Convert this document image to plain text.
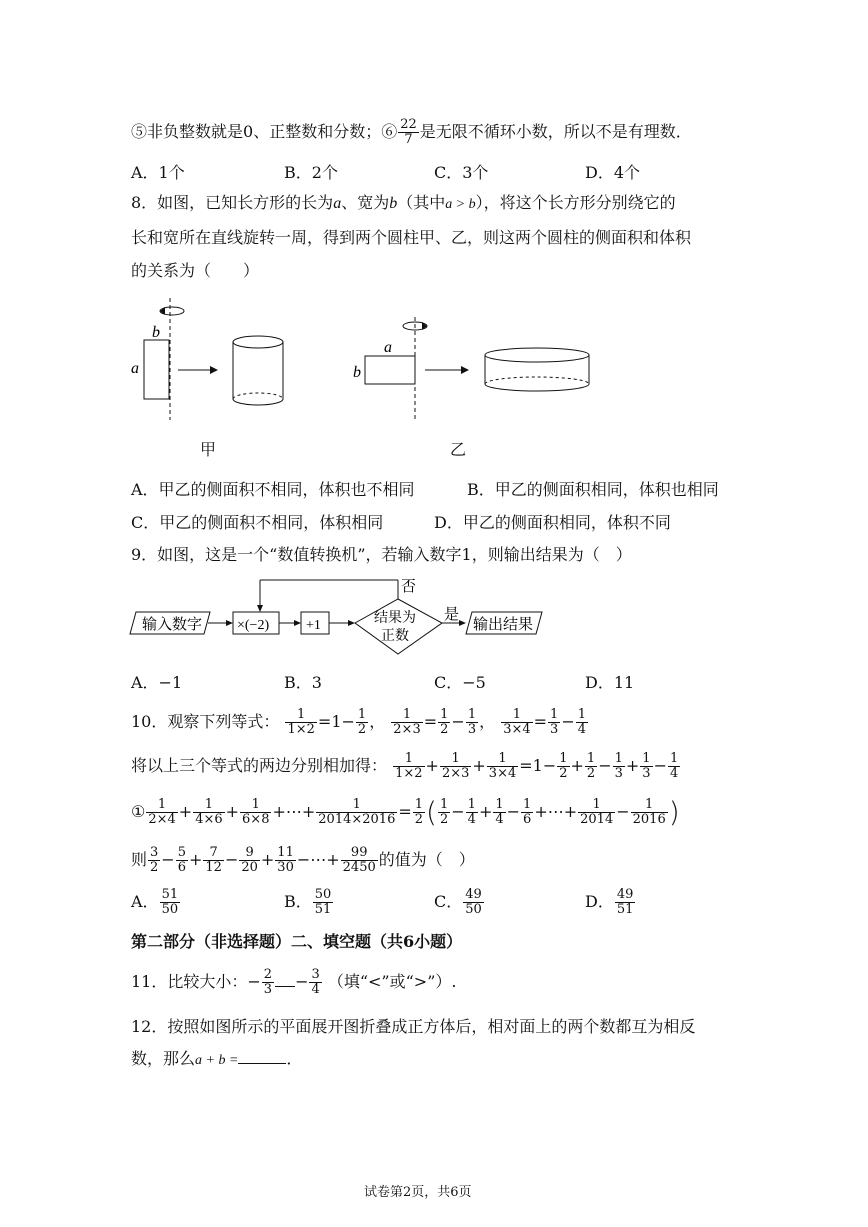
⑤非负整数就是0、正整数和分数；⑥ $\frac{22}{7}$ 是无限不循环小数，所以不是有理数．
A．1个	B．2个	C．3个	D．4个
8．如图，已知长方形的长为a、宽为b（其中a > b），将这个长方形分别绕它的
长和宽所在直线旋转一周，得到两个圆柱甲、乙，则这两个圆柱的侧面积和体积
的关系为（　　）
b
a
a
b
甲	乙
A．甲乙的侧面积不相同，体积也不相同	B．甲乙的侧面积相同，体积也相同
C．甲乙的侧面积不相同，体积相同	D．甲乙的侧面积相同，体积不同
9．如图，这是一个“数值转换机”，若输入数字1，则输出结果为（　）
输入数字 ×(−2)	+1	结果为
正数
否
是
输出结果
A．−1	B．3	C．−5	D．11
10．观察下列等式： $\frac{1}{1\times 2} =1- \frac{1}{2}$ ， $\frac{1}{2\times 3} = \frac{1}{2} - \frac{1}{3}$ ， $\frac{1}{3\times 4} = \frac{1}{3} - \frac{1}{4}$
将以上三个等式的两边分别相加得： $\frac{1}{1\times 2} + \frac{1}{2\times 3} + \frac{1}{3\times 4} =1- \frac{1}{2} + \frac{1}{2} - \frac{1}{3} + \frac{1}{3} - \frac{1}{4}$
① $\frac{1}{2\times 4} + \frac{1}{4\times 6} + \frac{1}{6\times 8}$ +⋯+ $\frac{1}{2014\times 2016} = \frac{1}{2}$ ( $\frac{1}{2} - \frac{1}{4} + \frac{1}{4} - \frac{1}{6}$ +⋯+ $\frac{1}{2014} - \frac{1}{2016}$ )
则 $\frac{3}{2} - \frac{5}{6} + \frac{7}{12} - \frac{9}{20} + \frac{11}{30}$ −⋯+ $\frac{99}{2450}$ 的值为（　）
A． $\frac{51}{50}$	B． $\frac{50}{51}$	C． $\frac{49}{50}$	D． $\frac{49}{51}$
第二部分（非选择题）二、填空题（共6小题）
11．比较大小：− $\frac{2}{3} - \frac{3}{4}$ （填“<”或“>”）.
12．按照如图所示的平面展开图折叠成正方体后，相对面上的两个数都互为相反
数，那么a + b =	．
试卷第2页，共6页
